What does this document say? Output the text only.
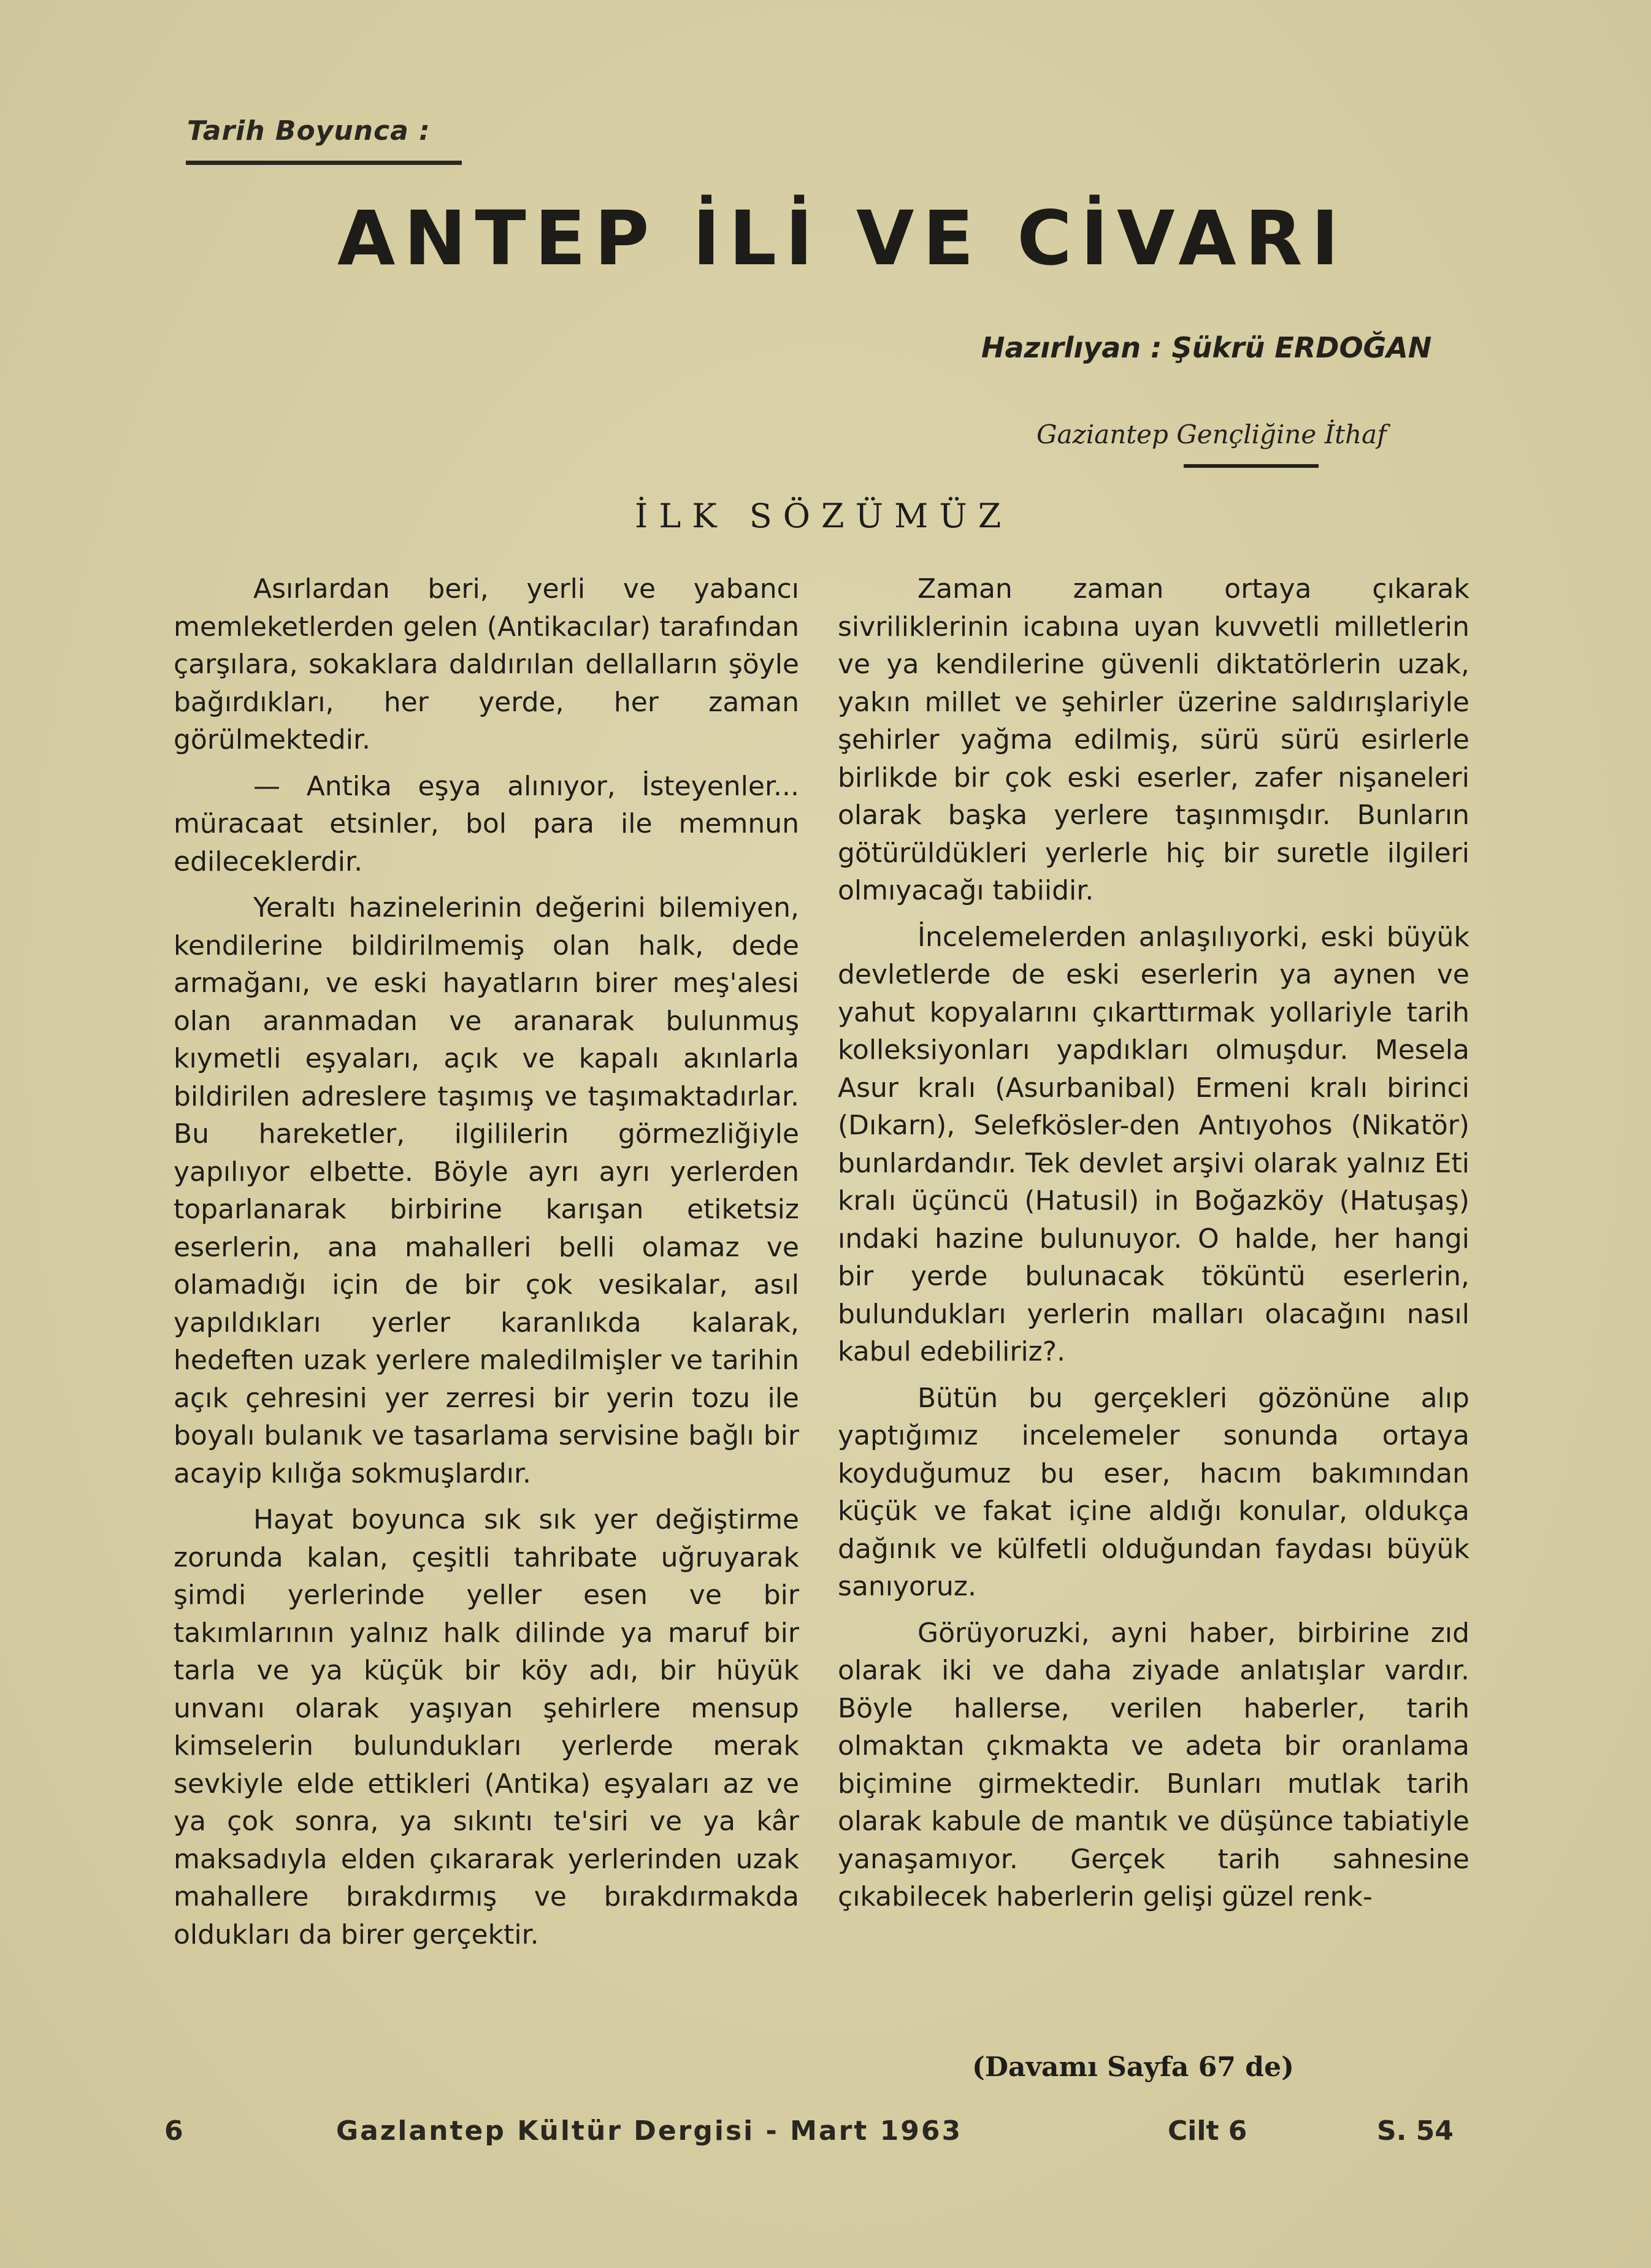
Tarih Boyunca :
ANTEP İLİ VE CİVARI
Hazırlıyan : Şükrü ERDOĞAN
Gaziantep Gençliğine İthaf
İLK SÖZÜMÜZ

Asırlardan beri, yerli ve yabancı memleketlerden gelen (Antikacılar) tarafından çarşılara, sokaklara daldırılan dellalların şöyle bağırdıkları, her yerde, her zaman görülmektedir.

— Antika eşya alınıyor, İsteyenler... müracaat etsinler, bol para ile memnun edileceklerdir.

Yeraltı hazinelerinin değerini bilemiyen, kendilerine bildirilmemiş olan halk, dede armağanı, ve eski hayatların birer meş'alesi olan aranmadan ve aranarak bulunmuş kıymetli eşyaları, açık ve kapalı akınlarla bildirilen adreslere taşımış ve taşımaktadırlar. Bu hareketler, ilgililerin görmezliğiyle yapılıyor elbette. Böyle ayrı ayrı yerlerden toparlanarak birbirine karışan etiketsiz eserlerin, ana mahalleri belli olamaz ve olamadığı için de bir çok vesikalar, asıl yapıldıkları yerler karanlıkda kalarak, hedeften uzak yerlere maledilmişler ve tarihin açık çehresini yer zerresi bir yerin tozu ile boyalı bulanık ve tasarlama servisine bağlı bir acayip kılığa sokmuşlardır.

Hayat boyunca sık sık yer değiştirme zorunda kalan, çeşitli tahribate uğruyarak şimdi yerlerinde yeller esen ve bir takımlarının yalnız halk dilinde ya maruf bir tarla ve ya küçük bir köy adı, bir hüyük unvanı olarak yaşıyan şehirlere mensup kimselerin bulundukları yerlerde merak sevkiyle elde ettikleri (Antika) eşyaları az ve ya çok sonra, ya sıkıntı te'siri ve ya kâr maksadıyla elden çıkararak yerlerinden uzak mahallere bırakdırmış ve bırakdırmakda oldukları da birer gerçektir.

Zaman zaman ortaya çıkarak sivriliklerinin icabına uyan kuvvetli milletlerin ve ya kendilerine güvenli diktatörlerin uzak, yakın millet ve şehirler üzerine saldırışlariyle şehirler yağma edilmiş, sürü sürü esirlerle birlikde bir çok eski eserler, zafer nişaneleri olarak başka yerlere taşınmışdır. Bunların götürüldükleri yerlerle hiç bir suretle ilgileri olmıyacağı tabiidir.

İncelemelerden anlaşılıyorki, eski büyük devletlerde de eski eserlerin ya aynen ve yahut kopyalarını çıkarttırmak yollariyle tarih kolleksiyonları yapdıkları olmuşdur. Mesela Asur kralı (Asurbanibal) Ermeni kralı birinci (Dıkarn), Selefkösler-den Antıyohos (Nikatör) bunlardandır. Tek devlet arşivi olarak yalnız Eti kralı üçüncü (Hatusil) in Boğazköy (Hatuşaş) ındaki hazine bulunuyor. O halde, her hangi bir yerde bulunacak töküntü eserlerin, bulundukları yerlerin malları olacağını nasıl kabul edebiliriz?.

Bütün bu gerçekleri gözönüne alıp yaptığımız incelemeler sonunda ortaya koyduğumuz bu eser, hacım bakımından küçük ve fakat içine aldığı konular, oldukça dağınık ve külfetli olduğundan faydası büyük sanıyoruz.

Görüyoruzki, ayni haber, birbirine zıd olarak iki ve daha ziyade anlatışlar vardır. Böyle hallerse, verilen haberler, tarih olmaktan çıkmakta ve adeta bir oranlama biçimine girmektedir. Bunları mutlak tarih olarak kabule de mantık ve düşünce tabiatiyle yanaşamıyor. Gerçek tarih sahnesine çıkabilecek haberlerin gelişi güzel renk-

(Davamı Sayfa 67 de)
6	Gazlantep Kültür Dergisi - Mart 1963	Cilt 6	S. 54
